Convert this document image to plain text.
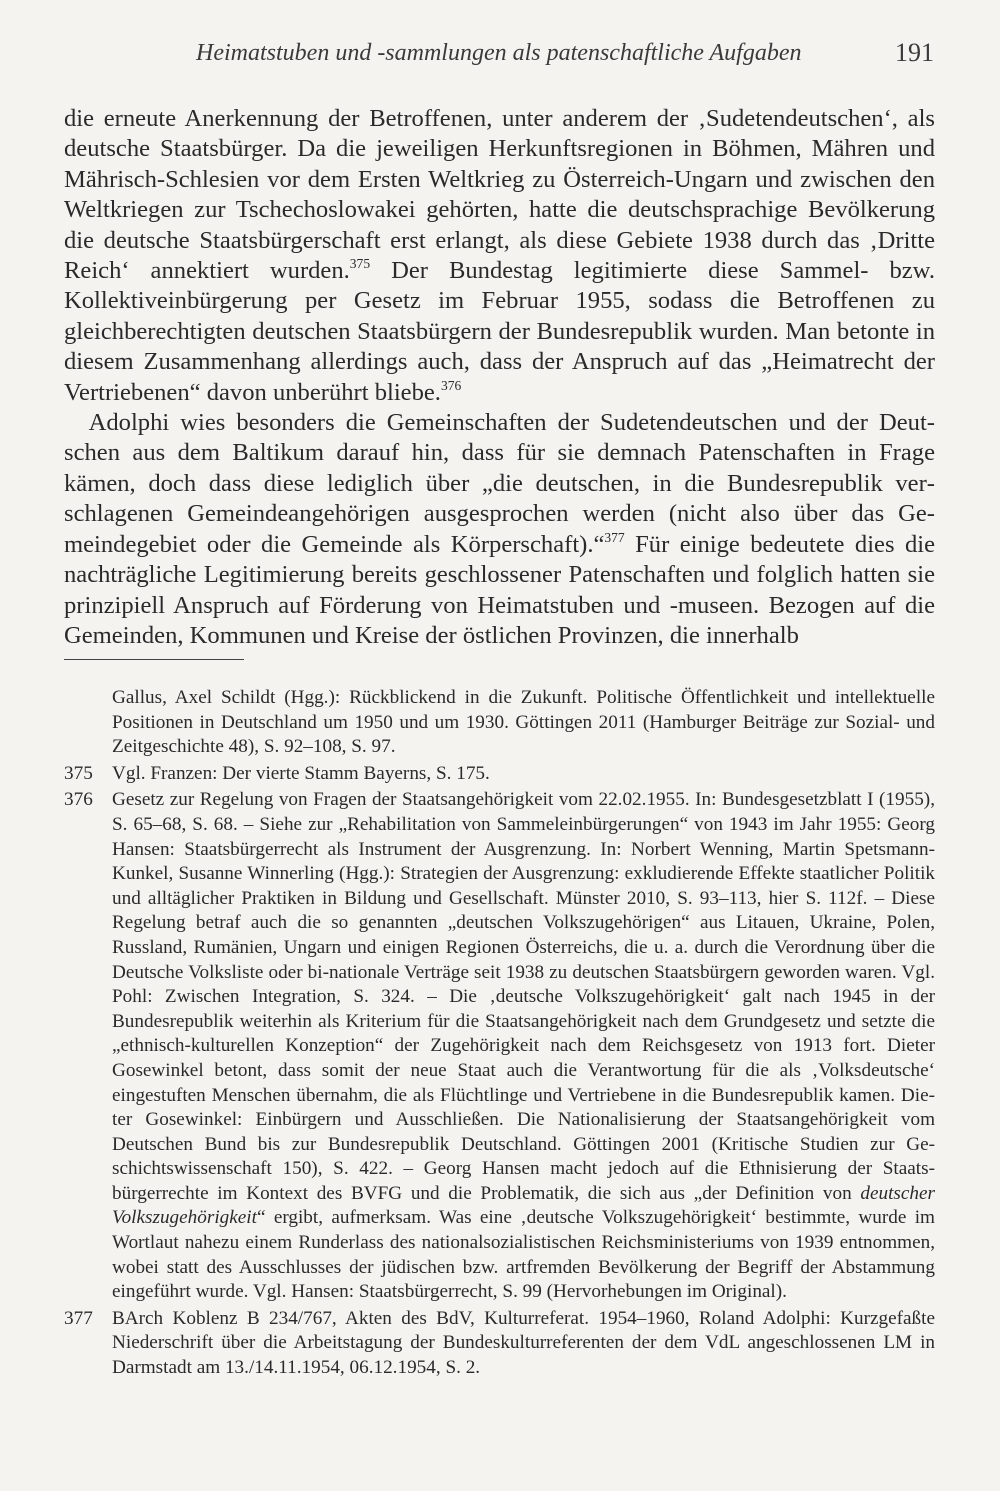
Heimatstuben und -sammlungen als patenschaftliche Aufgaben	191

die erneute Anerkennung der Betroffenen, unter anderem der ‚Sudetendeutschen‘, als deutsche Staatsbürger. Da die jeweiligen Herkunftsregionen in Böhmen, Mähren und Mährisch-Schlesien vor dem Ersten Weltkrieg zu Österreich-Ungarn und zwischen den Weltkriegen zur Tschechoslowakei gehörten, hatte die deutschsprachige Bevölkerung die deutsche Staatsbürgerschaft erst erlangt, als diese Gebiete 1938 durch das ‚Dritte Reich‘ annektiert wurden.$^{375}$ Der Bundestag legitimierte diese Sammel- bzw. Kollektiveinbürgerung per Gesetz im Februar 1955, sodass die Betroffenen zu gleichberechtigten deutschen Staatsbürgern der Bundesrepublik wurden. Man betonte in diesem Zusammenhang allerdings auch, dass der Anspruch auf das „Heimatrecht der Vertriebenen“ davon unberührt bliebe.$^{376}$

Adolphi wies besonders die Gemeinschaften der Sudetendeutschen und der Deutschen aus dem Baltikum darauf hin, dass für sie demnach Patenschaften in Frage kämen, doch dass diese lediglich über „die deutschen, in die Bundesrepublik verschlagenen Gemeindeangehörigen ausgesprochen werden (nicht also über das Gemeindegebiet oder die Gemeinde als Körperschaft).“$^{377}$ Für einige bedeutete dies die nachträgliche Legitimierung bereits geschlossener Patenschaften und folglich hatten sie prinzipiell Anspruch auf Förderung von Heimatstuben und -museen. Bezogen auf die Gemeinden, Kommunen und Kreise der östlichen Provinzen, die innerhalb

Gallus, Axel Schildt (Hgg.): Rückblickend in die Zukunft. Politische Öffentlichkeit und intellektuelle Positionen in Deutschland um 1950 und um 1930. Göttingen 2011 (Hamburger Beiträge zur Sozial- und Zeitgeschichte 48), S. 92–108, S. 97.
375	Vgl. Franzen: Der vierte Stamm Bayerns, S. 175.
376	Gesetz zur Regelung von Fragen der Staatsangehörigkeit vom 22.02.1955. In: Bundesgesetzblatt I (1955), S. 65–68, S. 68. – Siehe zur „Rehabilitation von Sammeleinbürgerungen“ von 1943 im Jahr 1955: Georg Hansen: Staatsbürgerrecht als Instrument der Ausgrenzung. In: Norbert Wenning, Martin Spetsmann-Kunkel, Susanne Winnerling (Hgg.): Strategien der Ausgrenzung: exkludierende Effekte staatlicher Politik und alltäglicher Praktiken in Bildung und Gesellschaft. Münster 2010, S. 93–113, hier S. 112f. – Diese Regelung betraf auch die so genannten „deutschen Volkszugehörigen“ aus Litauen, Ukraine, Polen, Russland, Rumänien, Ungarn und einigen Regionen Österreichs, die u. a. durch die Verordnung über die Deutsche Volksliste oder bi-nationale Verträge seit 1938 zu deutschen Staatsbürgern geworden waren. Vgl. Pohl: Zwischen Integration, S. 324. – Die ‚deutsche Volkszugehörigkeit‘ galt nach 1945 in der Bundesrepublik weiterhin als Kriterium für die Staatsangehörigkeit nach dem Grundgesetz und setzte die „ethnisch-kulturellen Konzeption“ der Zugehörigkeit nach dem Reichsgesetz von 1913 fort. Dieter Gosewinkel betont, dass somit der neue Staat auch die Verantwortung für die als ‚Volksdeutsche‘ eingestuften Menschen übernahm, die als Flüchtlinge und Vertriebene in die Bundesrepublik kamen. Dieter Gosewinkel: Einbürgern und Ausschließen. Die Nationalisierung der Staatsangehörigkeit vom Deutschen Bund bis zur Bundesrepublik Deutschland. Göttingen 2001 (Kritische Studien zur Geschichtswissenschaft 150), S. 422. – Georg Hansen macht jedoch auf die Ethnisierung der Staatsbürgerrechte im Kontext des BVFG und die Problematik, die sich aus „der Definition von deutscher Volkszugehörigkeit“ ergibt, aufmerksam. Was eine ‚deutsche Volkszugehörigkeit‘ bestimmte, wurde im Wortlaut nahezu einem Runderlass des nationalsozialistischen Reichsministeriums von 1939 entnommen, wobei statt des Ausschlusses der jüdischen bzw. artfremden Bevölkerung der Begriff der Abstammung eingeführt wurde. Vgl. Hansen: Staatsbürgerrecht, S. 99 (Hervorhebungen im Original).
377	BArch Koblenz B 234/767, Akten des BdV, Kulturreferat. 1954–1960, Roland Adolphi: Kurzgefaßte Niederschrift über die Arbeitstagung der Bundeskulturreferenten der dem VdL angeschlossenen LM in Darmstadt am 13./14.11.1954, 06.12.1954, S. 2.
